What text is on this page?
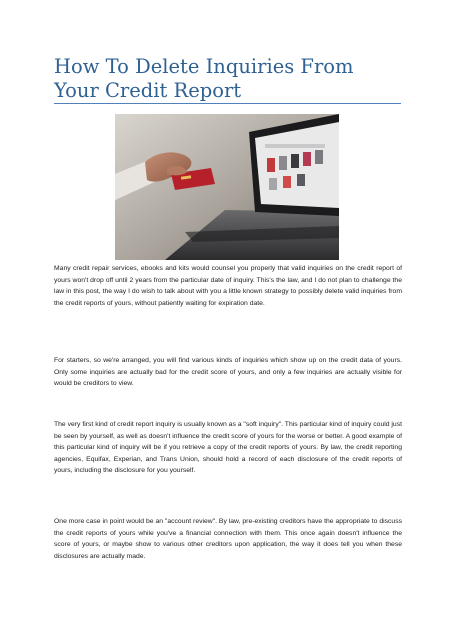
How To Delete Inquiries From Your Credit Report

Many credit repair services, ebooks and kits would counsel you properly that valid inquiries on the credit report of yours won't drop off until 2 years from the particular date of inquiry. This's the law, and I do not plan to challenge the law in this post, the way I do wish to talk about with you a little known strategy to possibly delete valid inquiries from the credit reports of yours, without patiently waiting for expiration date.

For starters, so we're arranged, you will find various kinds of inquiries which show up on the credit data of yours. Only some inquiries are actually bad for the credit score of yours, and only a few inquiries are actually visible for would be creditors to view.

The very first kind of credit report inquiry is usually known as a "soft inquiry". This particular kind of inquiry could just be seen by yourself, as well as doesn't influence the credit score of yours for the worse or better. A good example of this particular kind of inquiry will be if you retrieve a copy of the credit reports of yours. By law, the credit reporting agencies, Equifax, Experian, and Trans Union, should hold a record of each disclosure of the credit reports of yours, including the disclosure for you yourself.

One more case in point would be an "account review". By law, pre-existing creditors have the appropriate to discuss the credit reports of yours while you've a financial connection with them. This once again doesn't influence the score of yours, or maybe show to various other creditors upon application, the way it does tell you when these disclosures are actually made.
